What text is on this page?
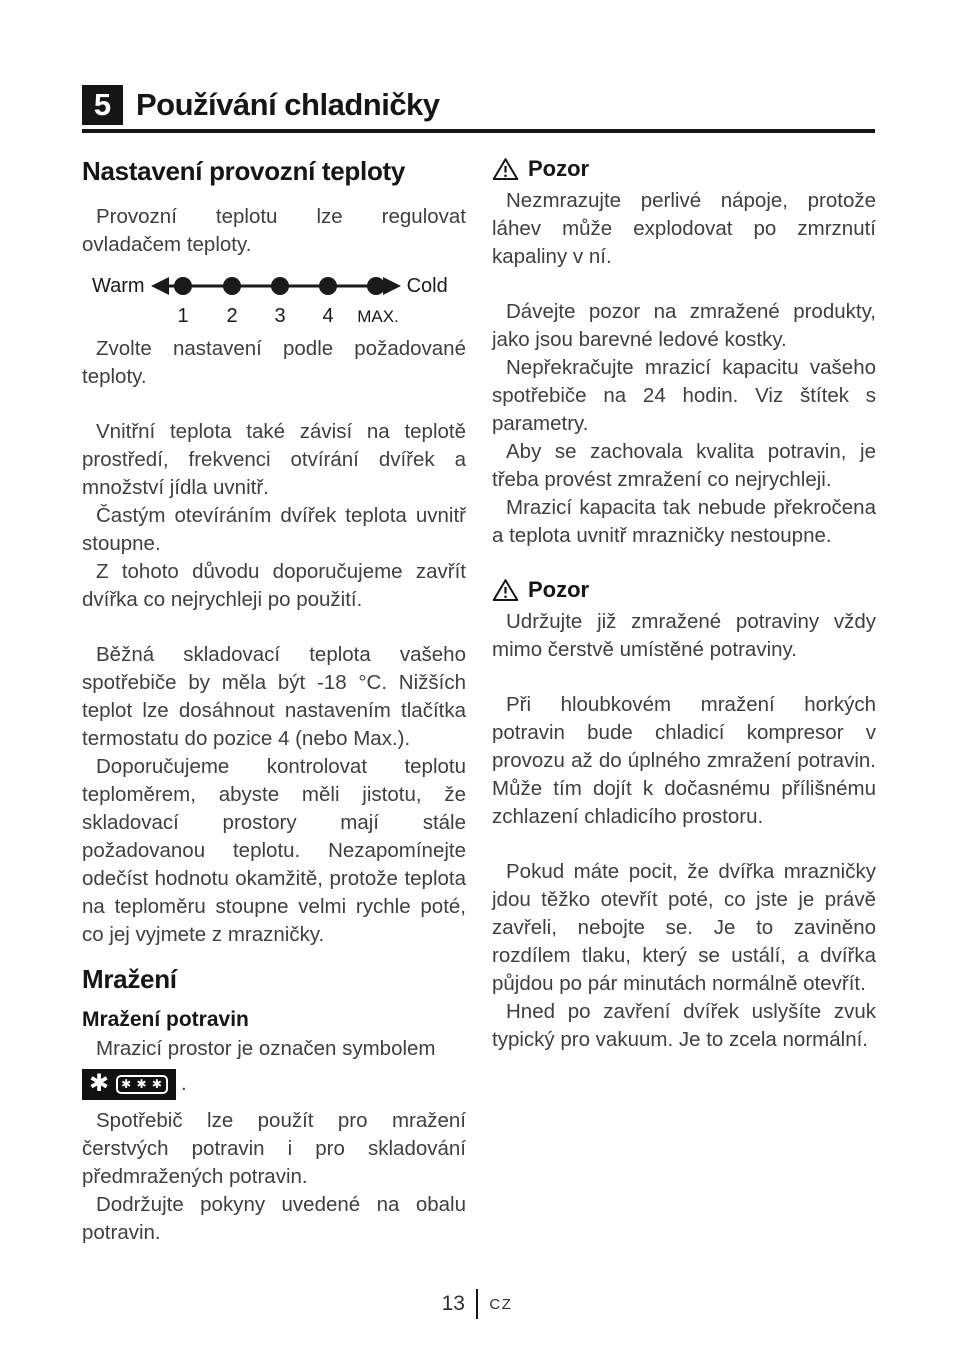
5 Používání chladničky
Nastavení provozní teploty

Provozní teplotu lze regulovat ovladačem teploty.

Warm
1 2 3 4 MAX.
Cold

Zvolte nastavení podle požadované teploty.

Vnitřní teplota také závisí na teplotě prostředí, frekvenci otvírání dvířek a množství jídla uvnitř.

Častým otevíráním dvířek teplota uvnitř stoupne.

Z tohoto důvodu doporučujeme zavřít dvířka co nejrychleji po použití.

Běžná skladovací teplota vašeho spotřebiče by měla být -18 °C. Nižších teplot lze dosáhnout nastavením tlačítka termostatu do pozice 4 (nebo Max.).

Doporučujeme kontrolovat teplotu teploměrem, abyste měli jistotu, že skladovací prostory mají stále požadovanou teplotu. Nezapomínejte odečíst hodnotu okamžitě, protože teplota na teploměru stoupne velmi rychle poté, co jej vyjmete z mrazničky.

Mražení
Mražení potravin

Mrazicí prostor je označen symbolem

✱	✱ ✱ ✱ .

Spotřebič lze použít pro mražení čerstvých potravin i pro skladování předmražených potravin.

Dodržujte pokyny uvedené na obalu potravin.

Pozor

Nezmrazujte perlivé nápoje, protože láhev může explodovat po zmrznutí kapaliny v ní.

Dávejte pozor na zmražené produkty, jako jsou barevné ledové kostky.

Nepřekračujte mrazicí kapacitu vašeho spotřebiče na 24 hodin. Viz štítek s parametry.

Aby se zachovala kvalita potravin, je třeba provést zmražení co nejrychleji.

Mrazicí kapacita tak nebude překročena a teplota uvnitř mrazničky nestoupne.

Pozor

Udržujte již zmražené potraviny vždy mimo čerstvě umístěné potraviny.

Při hloubkovém mražení horkých potravin bude chladicí kompresor v provozu až do úplného zmražení potravin. Může tím dojít k dočasnému přílišnému zchlazení chladicího prostoru.

Pokud máte pocit, že dvířka mrazničky jdou těžko otevřít poté, co jste je právě zavřeli, nebojte se. Je to zaviněno rozdílem tlaku, který se ustálí, a dvířka půjdou po pár minutách normálně otevřít.

Hned po zavření dvířek uslyšíte zvuk typický pro vakuum. Je to zcela normální.

13 CZ
